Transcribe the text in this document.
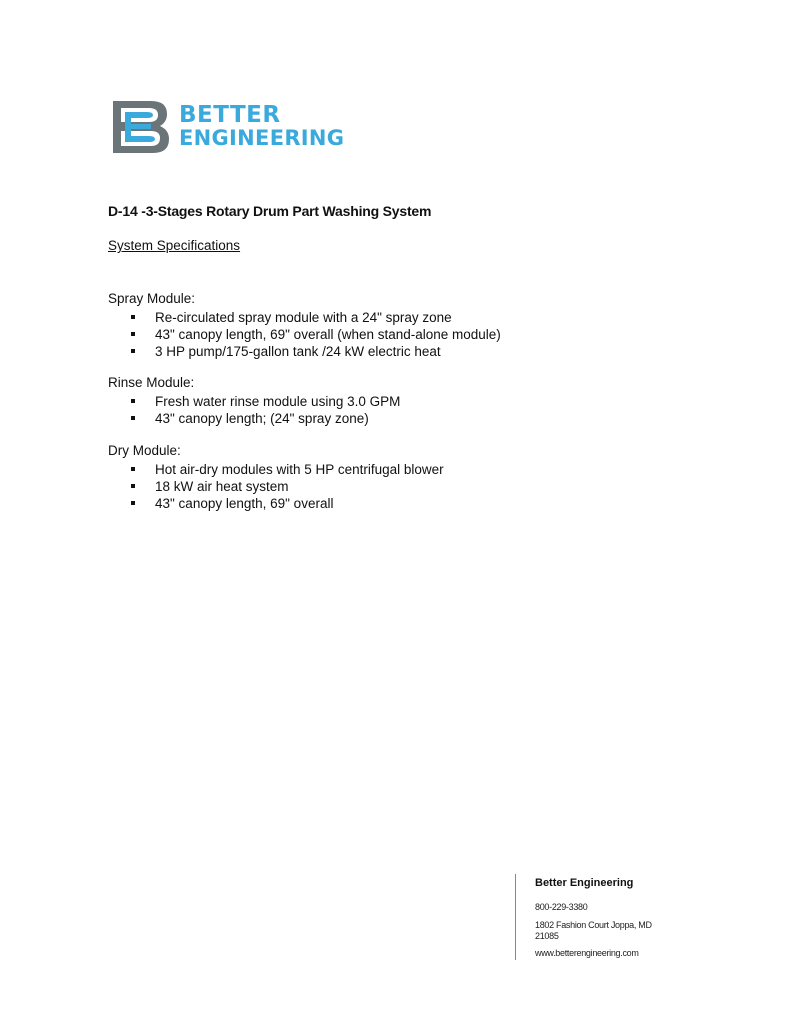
BETTER
ENGINEERING
D-14 -3-Stages Rotary Drum Part Washing System
System Specifications
Spray Module:
Re-circulated spray module with a 24" spray zone
43" canopy length, 69" overall (when stand-alone module)
3 HP pump/175-gallon tank /24 kW electric heat
Rinse Module:
Fresh water rinse module using 3.0 GPM
43" canopy length; (24" spray zone)
Dry Module:
Hot air-dry modules with 5 HP centrifugal blower
18 kW air heat system
43" canopy length, 69" overall
Better Engineering
800-229-3380
1802 Fashion Court Joppa, MD
21085
www.betterengineering.com
